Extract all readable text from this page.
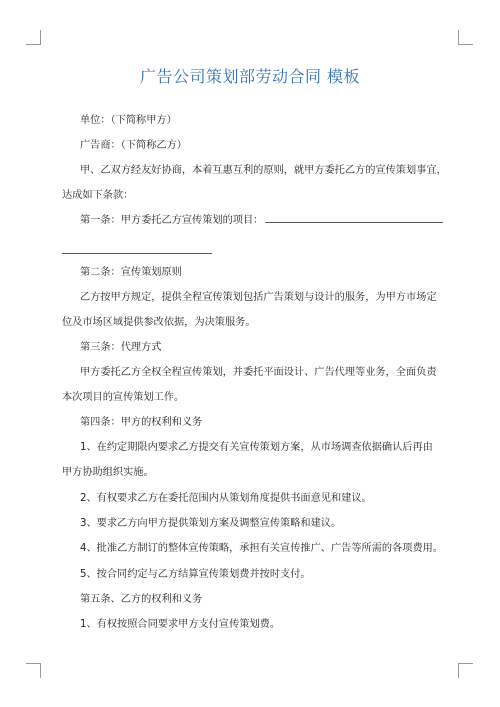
广告公司策划部劳动合同 模板

单位：（下简称甲方）

广告商：（下简称乙方）

甲、乙双方经友好协商，本着互惠互利的原则，就甲方委托乙方的宣传策划事宜，

达成如下条款：

第一条：甲方委托乙方宣传策划的项目：

第二条：宣传策划原则

乙方按甲方规定，提供全程宣传策划包括广告策划与设计的服务，为甲方市场定

位及市场区域提供参改依据，为决策服务。

第三条：代理方式

甲方委托乙方全权全程宣传策划，并委托平面设计、广告代理等业务，全面负责

本次项目的宣传策划工作。

第四条：甲方的权利和义务

1、在约定期限内要求乙方提交有关宣传策划方案，从市场调查依据确认后再由

甲方协助组织实施。

2、有权要求乙方在委托范围内从策划角度提供书面意见和建议。

3、要求乙方向甲方提供策划方案及调整宣传策略和建议。

4、批准乙方制订的整体宣传策略，承担有关宣传推广、广告等所需的各项费用。

5、按合同约定与乙方结算宣传策划费并按时支付。

第五条、乙方的权利和义务

1、有权按照合同要求甲方支付宣传策划费。
